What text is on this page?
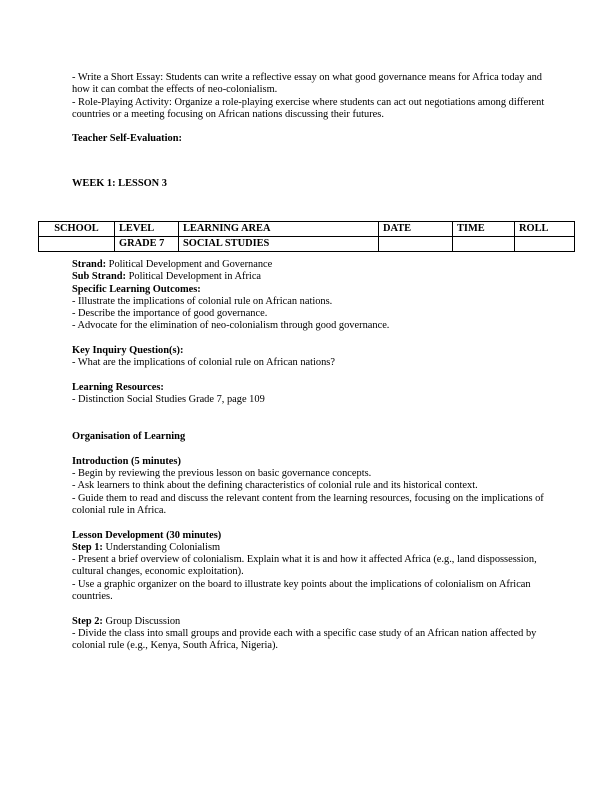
- Write a Short Essay: Students can write a reflective essay on what good governance means for Africa today and how it can combat the effects of neo-colonialism.

- Role-Playing Activity: Organize a role-playing exercise where students can act out negotiations among different countries or a meeting focusing on African nations discussing their futures.

Teacher Self-Evaluation:

WEEK 1: LESSON 3

SCHOOL	LEVEL	LEARNING AREA	DATE	TIME	ROLL
	GRADE 7	SOCIAL STUDIES			

Strand: Political Development and Governance

Sub Strand: Political Development in Africa

Specific Learning Outcomes:

- Illustrate the implications of colonial rule on African nations.

- Describe the importance of good governance.

- Advocate for the elimination of neo-colonialism through good governance.

Key Inquiry Question(s):

- What are the implications of colonial rule on African nations?

Learning Resources:

- Distinction Social Studies Grade 7, page 109

Organisation of Learning

Introduction (5 minutes)

- Begin by reviewing the previous lesson on basic governance concepts.

- Ask learners to think about the defining characteristics of colonial rule and its historical context.

- Guide them to read and discuss the relevant content from the learning resources, focusing on the implications of colonial rule in Africa.

Lesson Development (30 minutes)

Step 1: Understanding Colonialism

- Present a brief overview of colonialism. Explain what it is and how it affected Africa (e.g., land dispossession, cultural changes, economic exploitation).

- Use a graphic organizer on the board to illustrate key points about the implications of colonialism on African countries.

Step 2: Group Discussion

- Divide the class into small groups and provide each with a specific case study of an African nation affected by colonial rule (e.g., Kenya, South Africa, Nigeria).
